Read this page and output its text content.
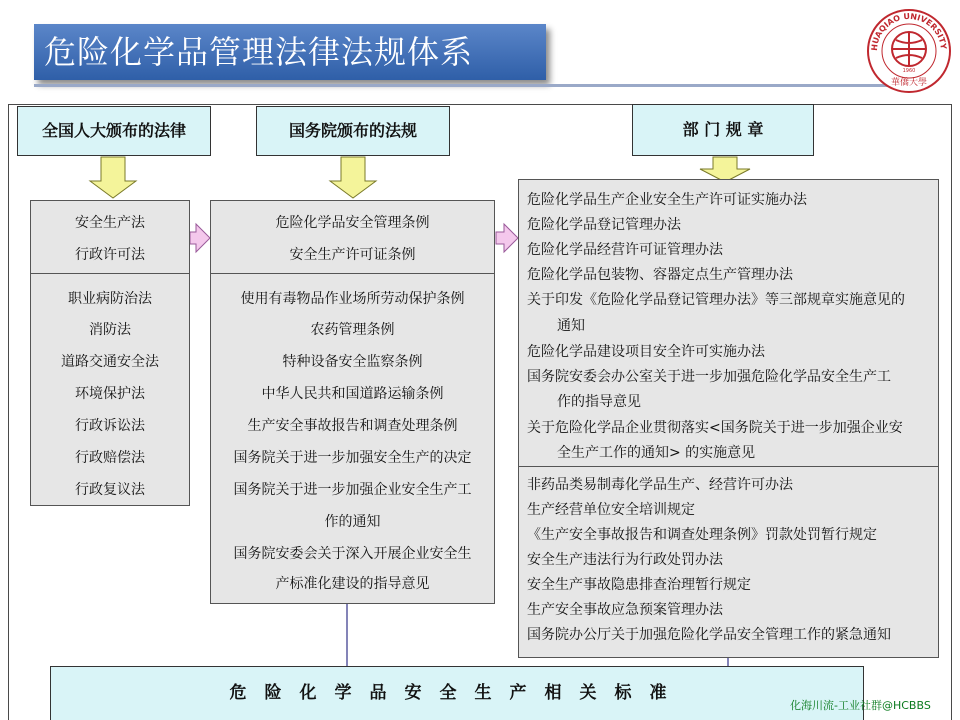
危险化学品管理法律法规体系	HUAQIAO UNIVERSITY
1960
華僑大學
全国人大颁布的法律	国务院颁布的法规	部 门 规 章
安全生产法
行政许可法
职业病防治法
消防法
道路交通安全法
环境保护法
行政诉讼法
行政赔偿法
行政复议法
危险化学品安全管理条例
安全生产许可证条例
使用有毒物品作业场所劳动保护条例
农药管理条例
特种设备安全监察条例
中华人民共和国道路运输条例
生产安全事故报告和调查处理条例
国务院关于进一步加强安全生产的决定
国务院关于进一步加强企业安全生产工
作的通知
国务院安委会关于深入开展企业安全生
产标准化建设的指导意见
危险化学品生产企业安全生产许可证实施办法
危险化学品登记管理办法
危险化学品经营许可证管理办法
危险化学品包装物、容器定点生产管理办法
关于印发《危险化学品登记管理办法》等三部规章实施意见的
通知
危险化学品建设项目安全许可实施办法
国务院安委会办公室关于进一步加强危险化学品安全生产工
作的指导意见
关于危险化学品企业贯彻落实<国务院关于进一步加强企业安
全生产工作的通知> 的实施意见
非药品类易制毒化学品生产、经营许可办法
生产经营单位安全培训规定
《生产安全事故报告和调查处理条例》罚款处罚暂行规定
安全生产违法行为行政处罚办法
安全生产事故隐患排查治理暂行规定
生产安全事故应急预案管理办法
国务院办公厅关于加强危险化学品安全管理工作的紧急通知
危险化学品安全生产相关标准
化海川流-工业社群@HCBBS
